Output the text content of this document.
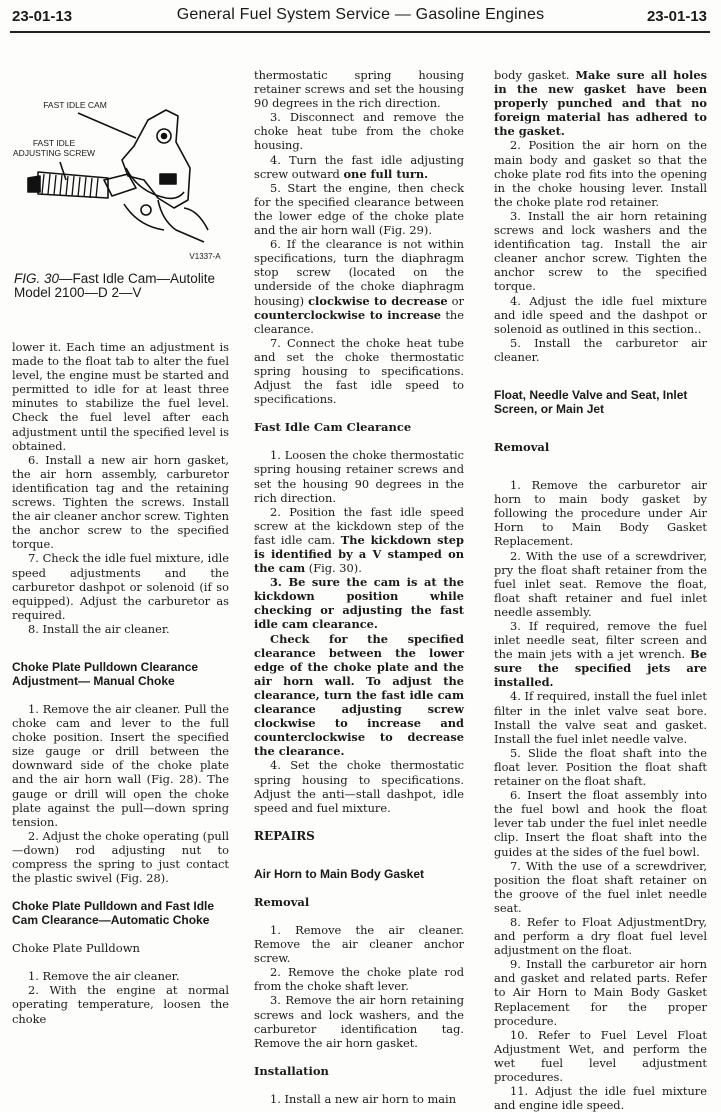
23-01-13	General Fuel System Service — Gasoline Engines	23-01-13
FAST IDLE CAM
FAST IDLE
ADJUSTING SCREW
V1337-A
FIG. 30—Fast Idle Cam—Autolite Model 2100—D 2—V

lower it. Each time an adjustment is made to the float tab to alter the fuel level, the engine must be started and permitted to idle for at least three minutes to stabilize the fuel level. Check the fuel level after each adjustment until the specified level is obtained.

6. Install a new air horn gasket, the air horn assembly, carburetor identification tag and the retaining screws. Tighten the screws. Install the air cleaner anchor screw. Tighten the anchor screw to the specified torque.

7. Check the idle fuel mixture, idle speed adjustments and the carburetor dashpot or solenoid (if so equipped). Adjust the carburetor as required.

8. Install the air cleaner.

Choke Plate Pulldown Clearance Adjustment— Manual Choke

1. Remove the air cleaner. Pull the choke cam and lever to the full choke position. Insert the specified size gauge or drill between the downward side of the choke plate and the air horn wall (Fig. 28). The gauge or drill will open the choke plate against the pull—down spring tension.

2. Adjust the choke operating (pull—down) rod adjusting nut to compress the spring to just contact the plastic swivel (Fig. 28).

Choke Plate Pulldown and Fast Idle Cam Clearance—Automatic Choke

Choke Plate Pulldown

1. Remove the air cleaner.

2. With the engine at normal operating temperature, loosen the choke

thermostatic spring housing retainer screws and set the housing 90 degrees in the rich direction.

3. Disconnect and remove the choke heat tube from the choke housing.

4. Turn the fast idle adjusting screw outward one full turn.

5. Start the engine, then check for the specified clearance between the lower edge of the choke plate and the air horn wall (Fig. 29).

6. If the clearance is not within specifications, turn the diaphragm stop screw (located on the underside of the choke diaphragm housing) clockwise to decrease or counterclockwise to increase the clearance.

7. Connect the choke heat tube and set the choke thermostatic spring housing to specifications. Adjust the fast idle speed to specifications.

Fast Idle Cam Clearance

1. Loosen the choke thermostatic spring housing retainer screws and set the housing 90 degrees in the rich direction.

2. Position the fast idle speed screw at the kickdown step of the fast idle cam. The kickdown step is identified by a V stamped on the cam (Fig. 30).

3. Be sure the cam is at the kickdown position while checking or adjusting the fast idle cam clearance.

Check for the specified clearance between the lower edge of the choke plate and the air horn wall. To adjust the clearance, turn the fast idle cam clearance adjusting screw clockwise to increase and counterclockwise to decrease the clearance.

4. Set the choke thermostatic spring housing to specifications. Adjust the anti—stall dashpot, idle speed and fuel mixture.

REPAIRS

Air Horn to Main Body Gasket

Removal

1. Remove the air cleaner. Remove the air cleaner anchor screw.

2. Remove the choke plate rod from the choke shaft lever.

3. Remove the air horn retaining screws and lock washers, and the carburetor identification tag. Remove the air horn gasket.

Installation

1. Install a new air horn to main

body gasket. Make sure all holes in the new gasket have been properly punched and that no foreign material has adhered to the gasket.

2. Position the air horn on the main body and gasket so that the choke plate rod fits into the opening in the choke housing lever. Install the choke plate rod retainer.

3. Install the air horn retaining screws and lock washers and the identification tag. Install the air cleaner anchor screw. Tighten the anchor screw to the specified torque.

4. Adjust the idle fuel mixture and idle speed and the dashpot or solenoid as outlined in this section..

5. Install the carburetor air cleaner.

Float, Needle Valve and Seat, Inlet Screen, or Main Jet

Removal

1. Remove the carburetor air horn to main body gasket by following the procedure under Air Horn to Main Body Gasket Replacement.

2. With the use of a screwdriver, pry the float shaft retainer from the fuel inlet seat. Remove the float, float shaft retainer and fuel inlet needle assembly.

3. If required, remove the fuel inlet needle seat, filter screen and the main jets with a jet wrench. Be sure the specified jets are installed.

4. If required, install the fuel inlet filter in the inlet valve seat bore. Install the valve seat and gasket. Install the fuel inlet needle valve.

5. Slide the float shaft into the float lever. Position the float shaft retainer on the float shaft.

6. Insert the float assembly into the fuel bowl and hook the float lever tab under the fuel inlet needle clip. Insert the float shaft into the guides at the sides of the fuel bowl.

7. With the use of a screwdriver, position the float shaft retainer on the groove of the fuel inlet needle seat.

8. Refer to Float AdjustmentDry, and perform a dry float fuel level adjustment on the float.

9. Install the carburetor air horn and gasket and related parts. Refer to Air Horn to Main Body Gasket Replacement for the proper procedure.

10. Refer to Fuel Level Float Adjustment Wet, and perform the wet fuel level adjustment procedures.

11. Adjust the idle fuel mixture and engine idle speed.
